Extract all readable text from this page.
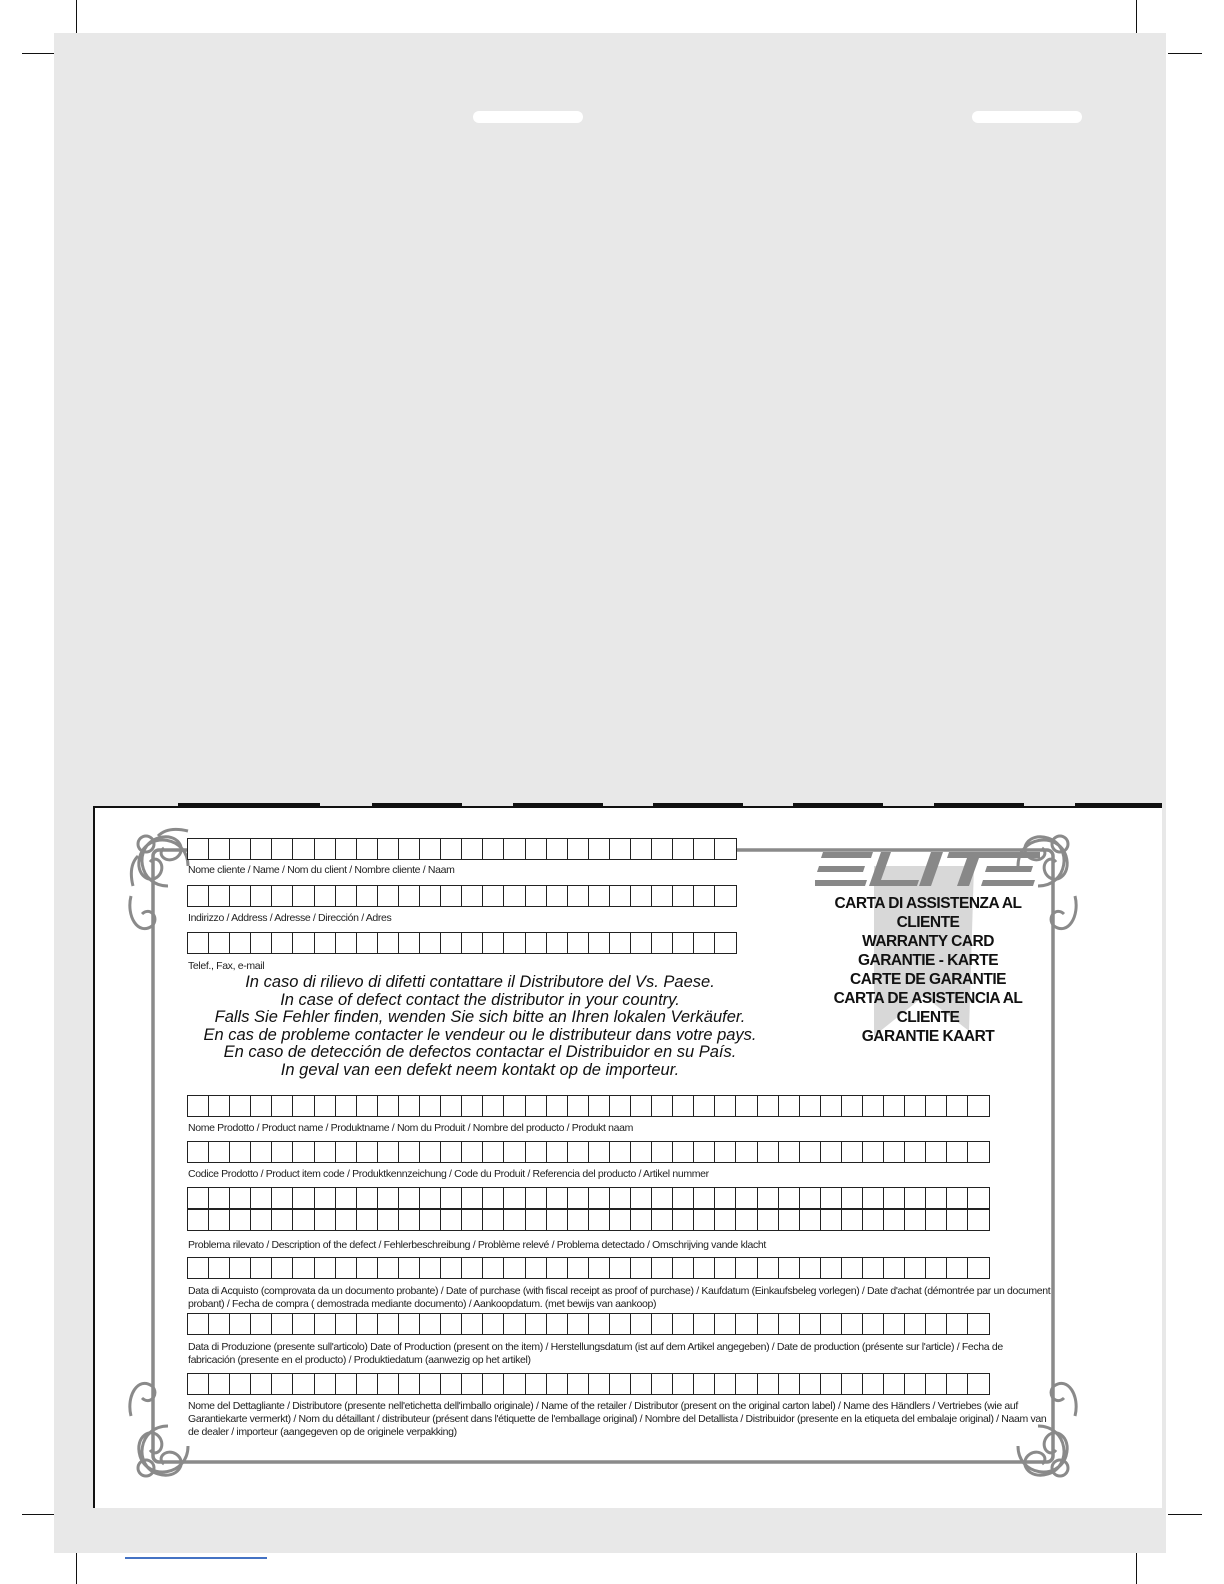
CARTA DI ASSISTENZA AL CLIENTE
WARRANTY CARD
GARANTIE - KARTE
CARTE DE GARANTIE
CARTA DE ASISTENCIA AL CLIENTE
GARANTIE KAART
Nome cliente / Name / Nom du client / Nombre cliente / Naam
Indirizzo / Address / Adresse / Dirección / Adres
Telef., Fax, e-mail
In caso di rilievo di difetti contattare il Distributore del Vs. Paese.
In case of defect contact the distributor in your country.
Falls Sie Fehler finden, wenden Sie sich bitte an Ihren lokalen Verkäufer.
En cas de probleme contacter le vendeur ou le distributeur dans votre pays.
En caso de detección de defectos contactar el Distribuidor en su País.
In geval van een defekt neem kontakt op de importeur.
Nome Prodotto / Product name / Produktname / Nom du Produit / Nombre del producto / Produkt naam
Codice Prodotto / Product item code / Produktkennzeichung / Code du Produit / Referencia del producto / Artikel nummer
Problema rilevato / Description of the defect / Fehlerbeschreibung / Problème relevé / Problema detectado / Omschrijving vande klacht
Data di Acquisto (comprovata da un documento probante) / Date of purchase (with fiscal receipt as proof of purchase) / Kaufdatum (Einkaufsbeleg vorlegen) / Date d'achat (démontrée par un document probant) / Fecha de compra ( demostrada mediante documento) / Aankoopdatum. (met bewijs van aankoop)
Data di Produzione (presente sull'articolo) Date of Production (present on the item) / Herstellungsdatum (ist auf dem Artikel angegeben) / Date de production (présente sur l'article) / Fecha de fabricación (presente en el producto) / Produktiedatum (aanwezig op het artikel)
Nome del Dettagliante / Distributore (presente nell'etichetta dell'imballo originale) / Name of the retailer / Distributor (present on the original carton label) / Name des Händlers / Vertriebes (wie auf Garantiekarte vermerkt) / Nom du détaillant / distributeur (présent dans l'étiquette de l'emballage original) / Nombre del Detallista / Distribuidor (presente en la etiqueta del embalaje original) / Naam van de dealer / importeur (aangegeven op de originele verpakking)
